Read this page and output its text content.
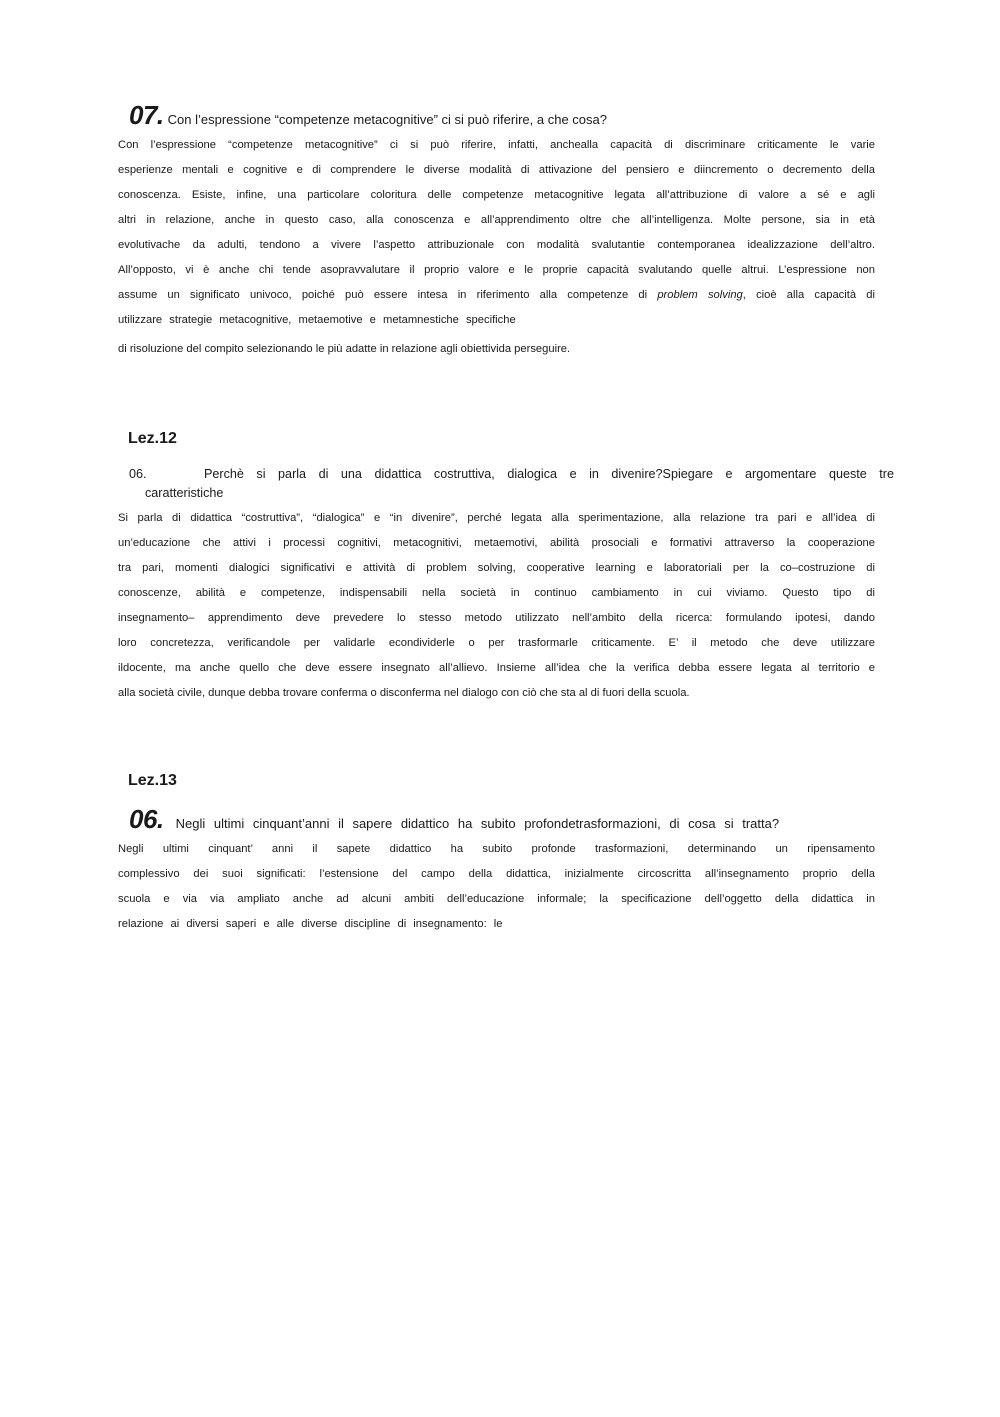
07. Con l’espressione “competenze metacognitive” ci si può riferire, a che cosa?
Con l’espressione “competenze metacognitive” ci si può riferire, infatti, anchealla capacità di discriminare criticamente le varie
esperienze mentali e cognitive e di comprendere le diverse modalità di attivazione del pensiero e diincremento o decremento della
conoscenza. Esiste, infine, una particolare coloritura delle competenze metacognitive legata all’attribuzione di valore a sé e agli
altri in relazione, anche in questo caso, alla conoscenza e all’apprendimento oltre che all’intelligenza. Molte persone, sia in età
evolutivache da adulti, tendono a vivere l’aspetto attribuzionale con modalità svalutantie contemporanea idealizzazione dell’altro.
All’opposto, vi è anche chi tende asopravvalutare il proprio valore e le proprie capacità svalutando quelle altrui. L’espressione non
assume un significato univoco, poiché può essere intesa in riferimento alla competenze di problem solving, cioè alla capacità di
utilizzare strategie metacognitive, metaemotive e metamnestiche specifiche
di risoluzione del compito selezionando le più adatte in relazione agli obiettivida perseguire.
Lez.12
06.	Perchè si parla di una didattica costruttiva, dialogica e in divenire?Spiegare e argomentare queste tre
caratteristiche
Si parla di didattica “costruttiva”, “dialogica” e “in divenire”, perché legata alla sperimentazione, alla relazione tra pari e all’idea di
un’educazione che attivi i processi cognitivi, metacognitivi, metaemotivi, abilità prosociali e formativi attraverso la cooperazione
tra pari, momenti dialogici significativi e attività di problem solving, cooperative learning e laboratoriali per la co–costruzione di
conoscenze, abilità e competenze, indispensabili nella società in continuo cambiamento in cui viviamo. Questo tipo di
insegnamento– apprendimento deve prevedere lo stesso metodo utilizzato nell’ambito della ricerca: formulando ipotesi, dando
loro concretezza, verificandole per validarle econdividerle o per trasformarle criticamente. E’ il metodo che deve utilizzare
ildocente, ma anche quello che deve essere insegnato all’allievo. Insieme all’idea che la verifica debba essere legata al territorio e
alla società civile, dunque debba trovare conferma o disconferma nel dialogo con ciò che sta al di fuori della scuola.
Lez.13
06. Negli ultimi cinquant’anni il sapere didattico ha subito profondetrasformazioni, di cosa si tratta?
Negli ultimi cinquant’ anni il sapete didattico ha subito profonde trasformazioni, determinando un ripensamento
complessivo dei suoi significati: l’estensione del campo della didattica, inizialmente circoscritta all’insegnamento proprio della
scuola e via via ampliato anche ad alcuni ambiti dell’educazione informale; la specificazione dell’oggetto della didattica in
relazione ai diversi saperi e alle diverse discipline di insegnamento: le
